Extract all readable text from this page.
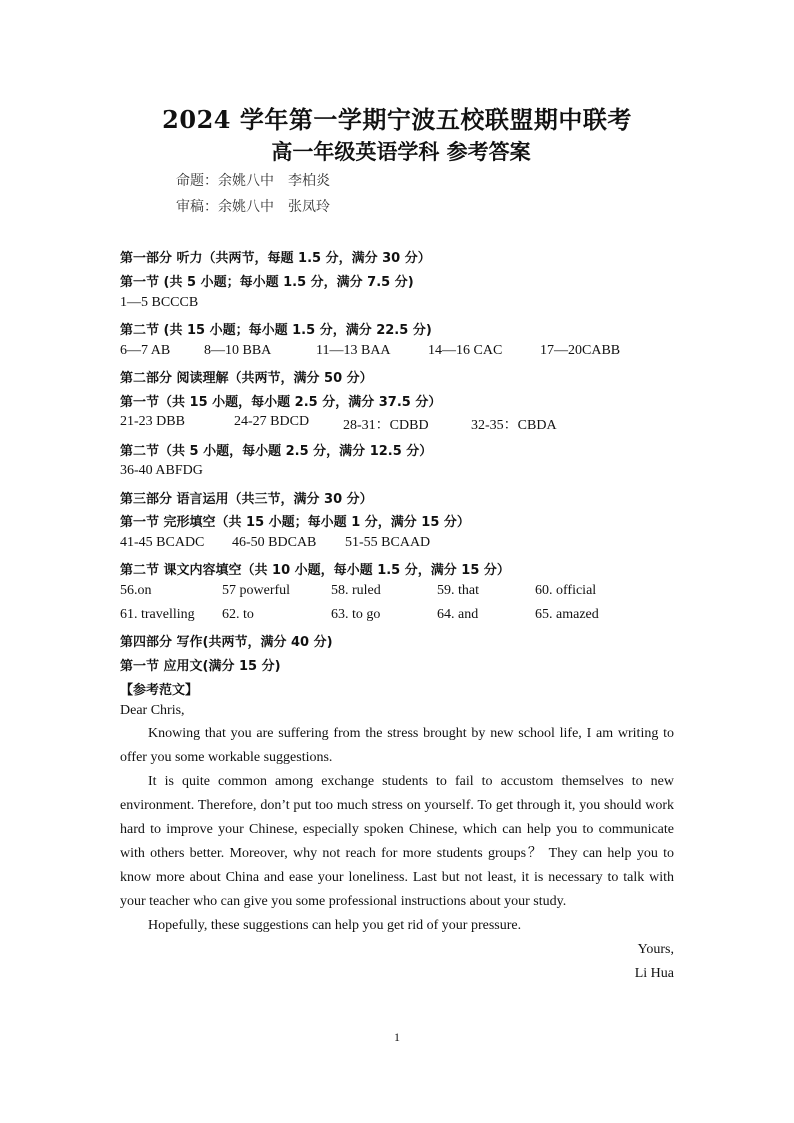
2024 学年第一学期宁波五校联盟期中联考
高一年级英语学科 参考答案
命题：余姚八中 李柏炎
审稿：余姚八中 张凤玲
第一部分 听力（共两节，每题 1.5 分，满分 30 分）
第一节 (共 5 小题；每小题 1.5 分，满分 7.5 分)
1—5 BCCCB
第二节 (共 15 小题；每小题 1.5 分，满分 22.5 分)
6—7 AB 8—10 BBA	11—13 BAA	14—16 CAC	17—20CABB
第二部分 阅读理解（共两节，满分 50 分）
第一节（共 15 小题，每小题 2.5 分，满分 37.5 分）
21-23 DBB	24-27 BDCD 28-31：CDBD	32-35：CBDA
第二节（共 5 小题，每小题 2.5 分，满分 12.5 分）
36-40 ABFDG
第三部分 语言运用（共三节，满分 30 分）
第一节 完形填空（共 15 小题；每小题 1 分，满分 15 分）
41-45 BCADC 46-50 BDCAB 51-55 BCAAD
第二节 课文内容填空（共 10 小题，每小题 1.5 分，满分 15 分）
56.on	57 powerful	58. ruled	59. that	60. official
61. travelling 62. to	63. to go	64. and	65. amazed
第四部分 写作(共两节，满分 40 分)
第一节 应用文(满分 15 分)
【参考范文】
Dear Chris,
Knowing that you are suffering from the stress brought by new school life, I am writing to offer you some workable suggestions.
It is quite common among exchange students to fail to accustom themselves to new environment. Therefore, don’t put too much stress on yourself. To get through it, you should work hard to improve your Chinese, especially spoken Chinese, which can help you to communicate with others better. Moreover, why not reach for more students groups？ They can help you to know more about China and ease your loneliness. Last but not least, it is necessary to talk with your teacher who can give you some professional instructions about your study.
Hopefully, these suggestions can help you get rid of your pressure.
Yours,
Li Hua
1
